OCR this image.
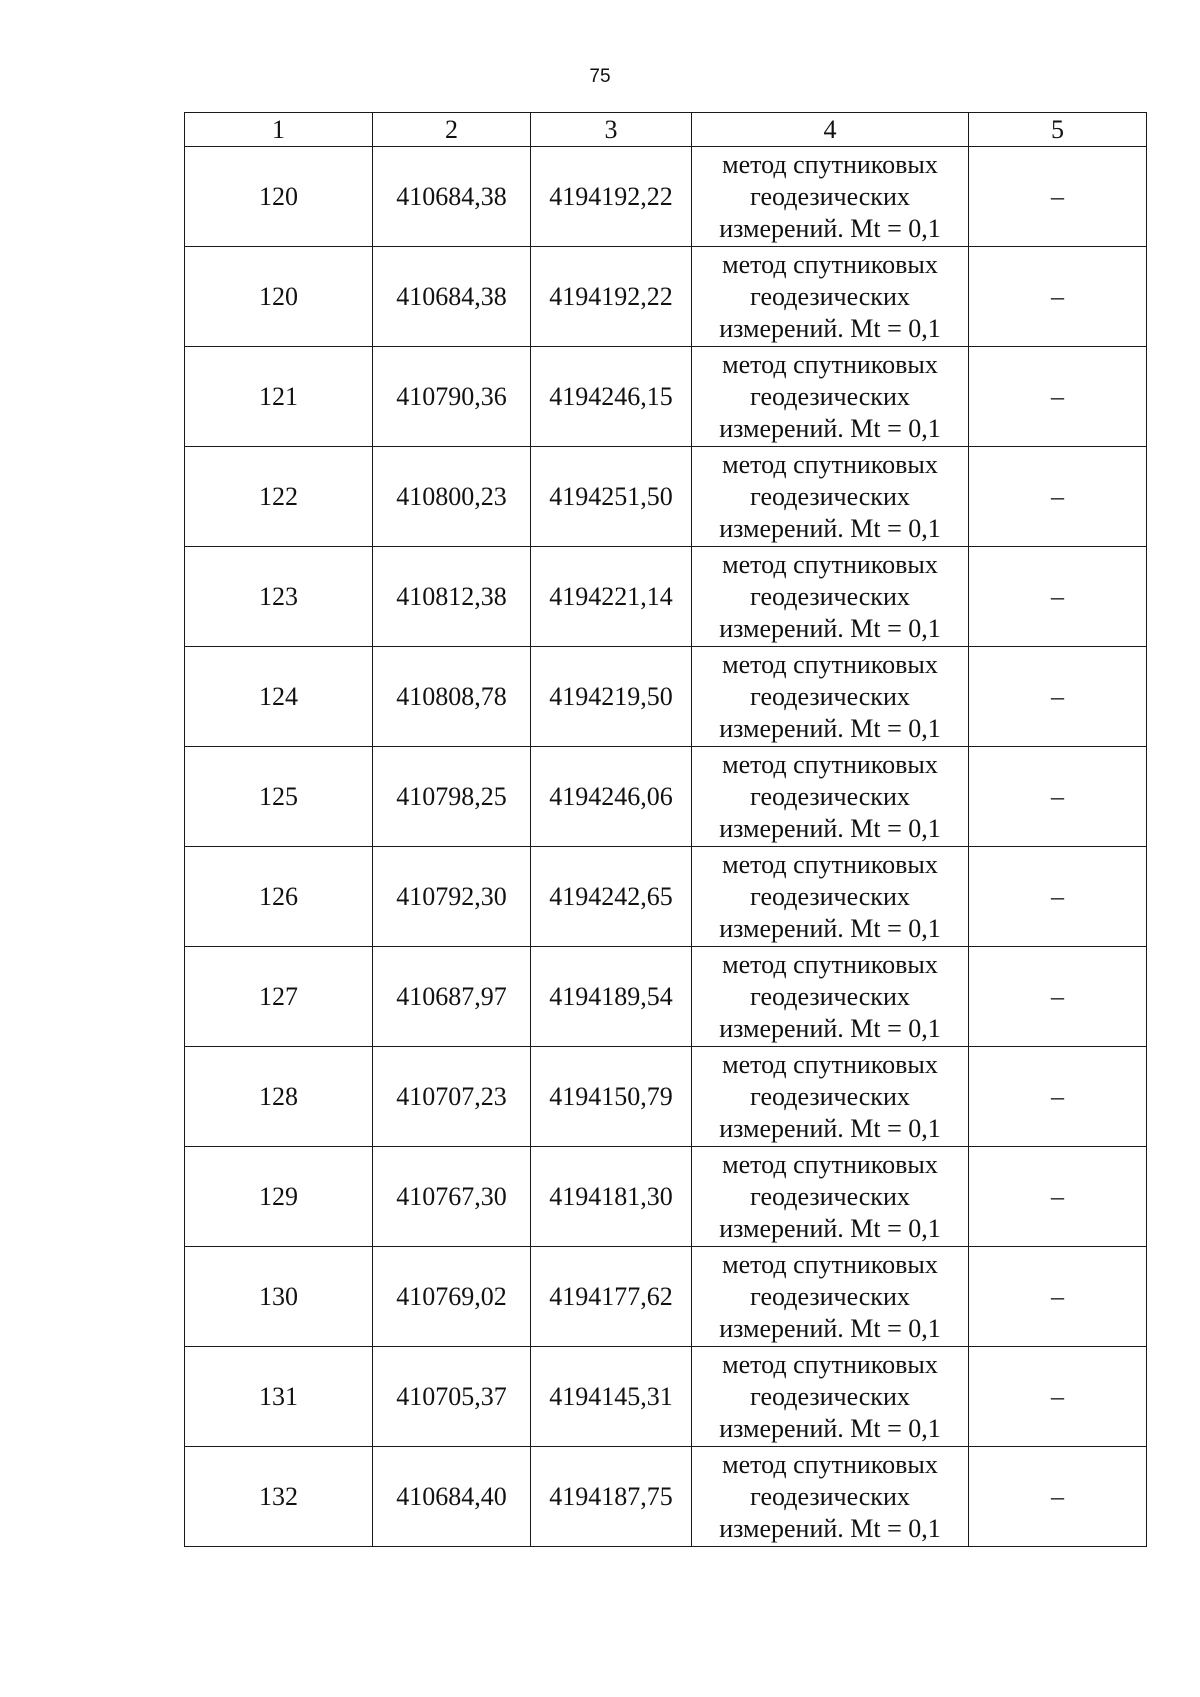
75
1	2	3	4	5
120	410684,38	4194192,22	метод спутниковых
геодезических
измерений. Mt = 0,1	–
120	410684,38	4194192,22	метод спутниковых
геодезических
измерений. Mt = 0,1	–
121	410790,36	4194246,15	метод спутниковых
геодезических
измерений. Mt = 0,1	–
122	410800,23	4194251,50	метод спутниковых
геодезических
измерений. Mt = 0,1	–
123	410812,38	4194221,14	метод спутниковых
геодезических
измерений. Mt = 0,1	–
124	410808,78	4194219,50	метод спутниковых
геодезических
измерений. Mt = 0,1	–
125	410798,25	4194246,06	метод спутниковых
геодезических
измерений. Mt = 0,1	–
126	410792,30	4194242,65	метод спутниковых
геодезических
измерений. Mt = 0,1	–
127	410687,97	4194189,54	метод спутниковых
геодезических
измерений. Mt = 0,1	–
128	410707,23	4194150,79	метод спутниковых
геодезических
измерений. Mt = 0,1	–
129	410767,30	4194181,30	метод спутниковых
геодезических
измерений. Mt = 0,1	–
130	410769,02	4194177,62	метод спутниковых
геодезических
измерений. Mt = 0,1	–
131	410705,37	4194145,31	метод спутниковых
геодезических
измерений. Mt = 0,1	–
132	410684,40	4194187,75	метод спутниковых
геодезических
измерений. Mt = 0,1	–
